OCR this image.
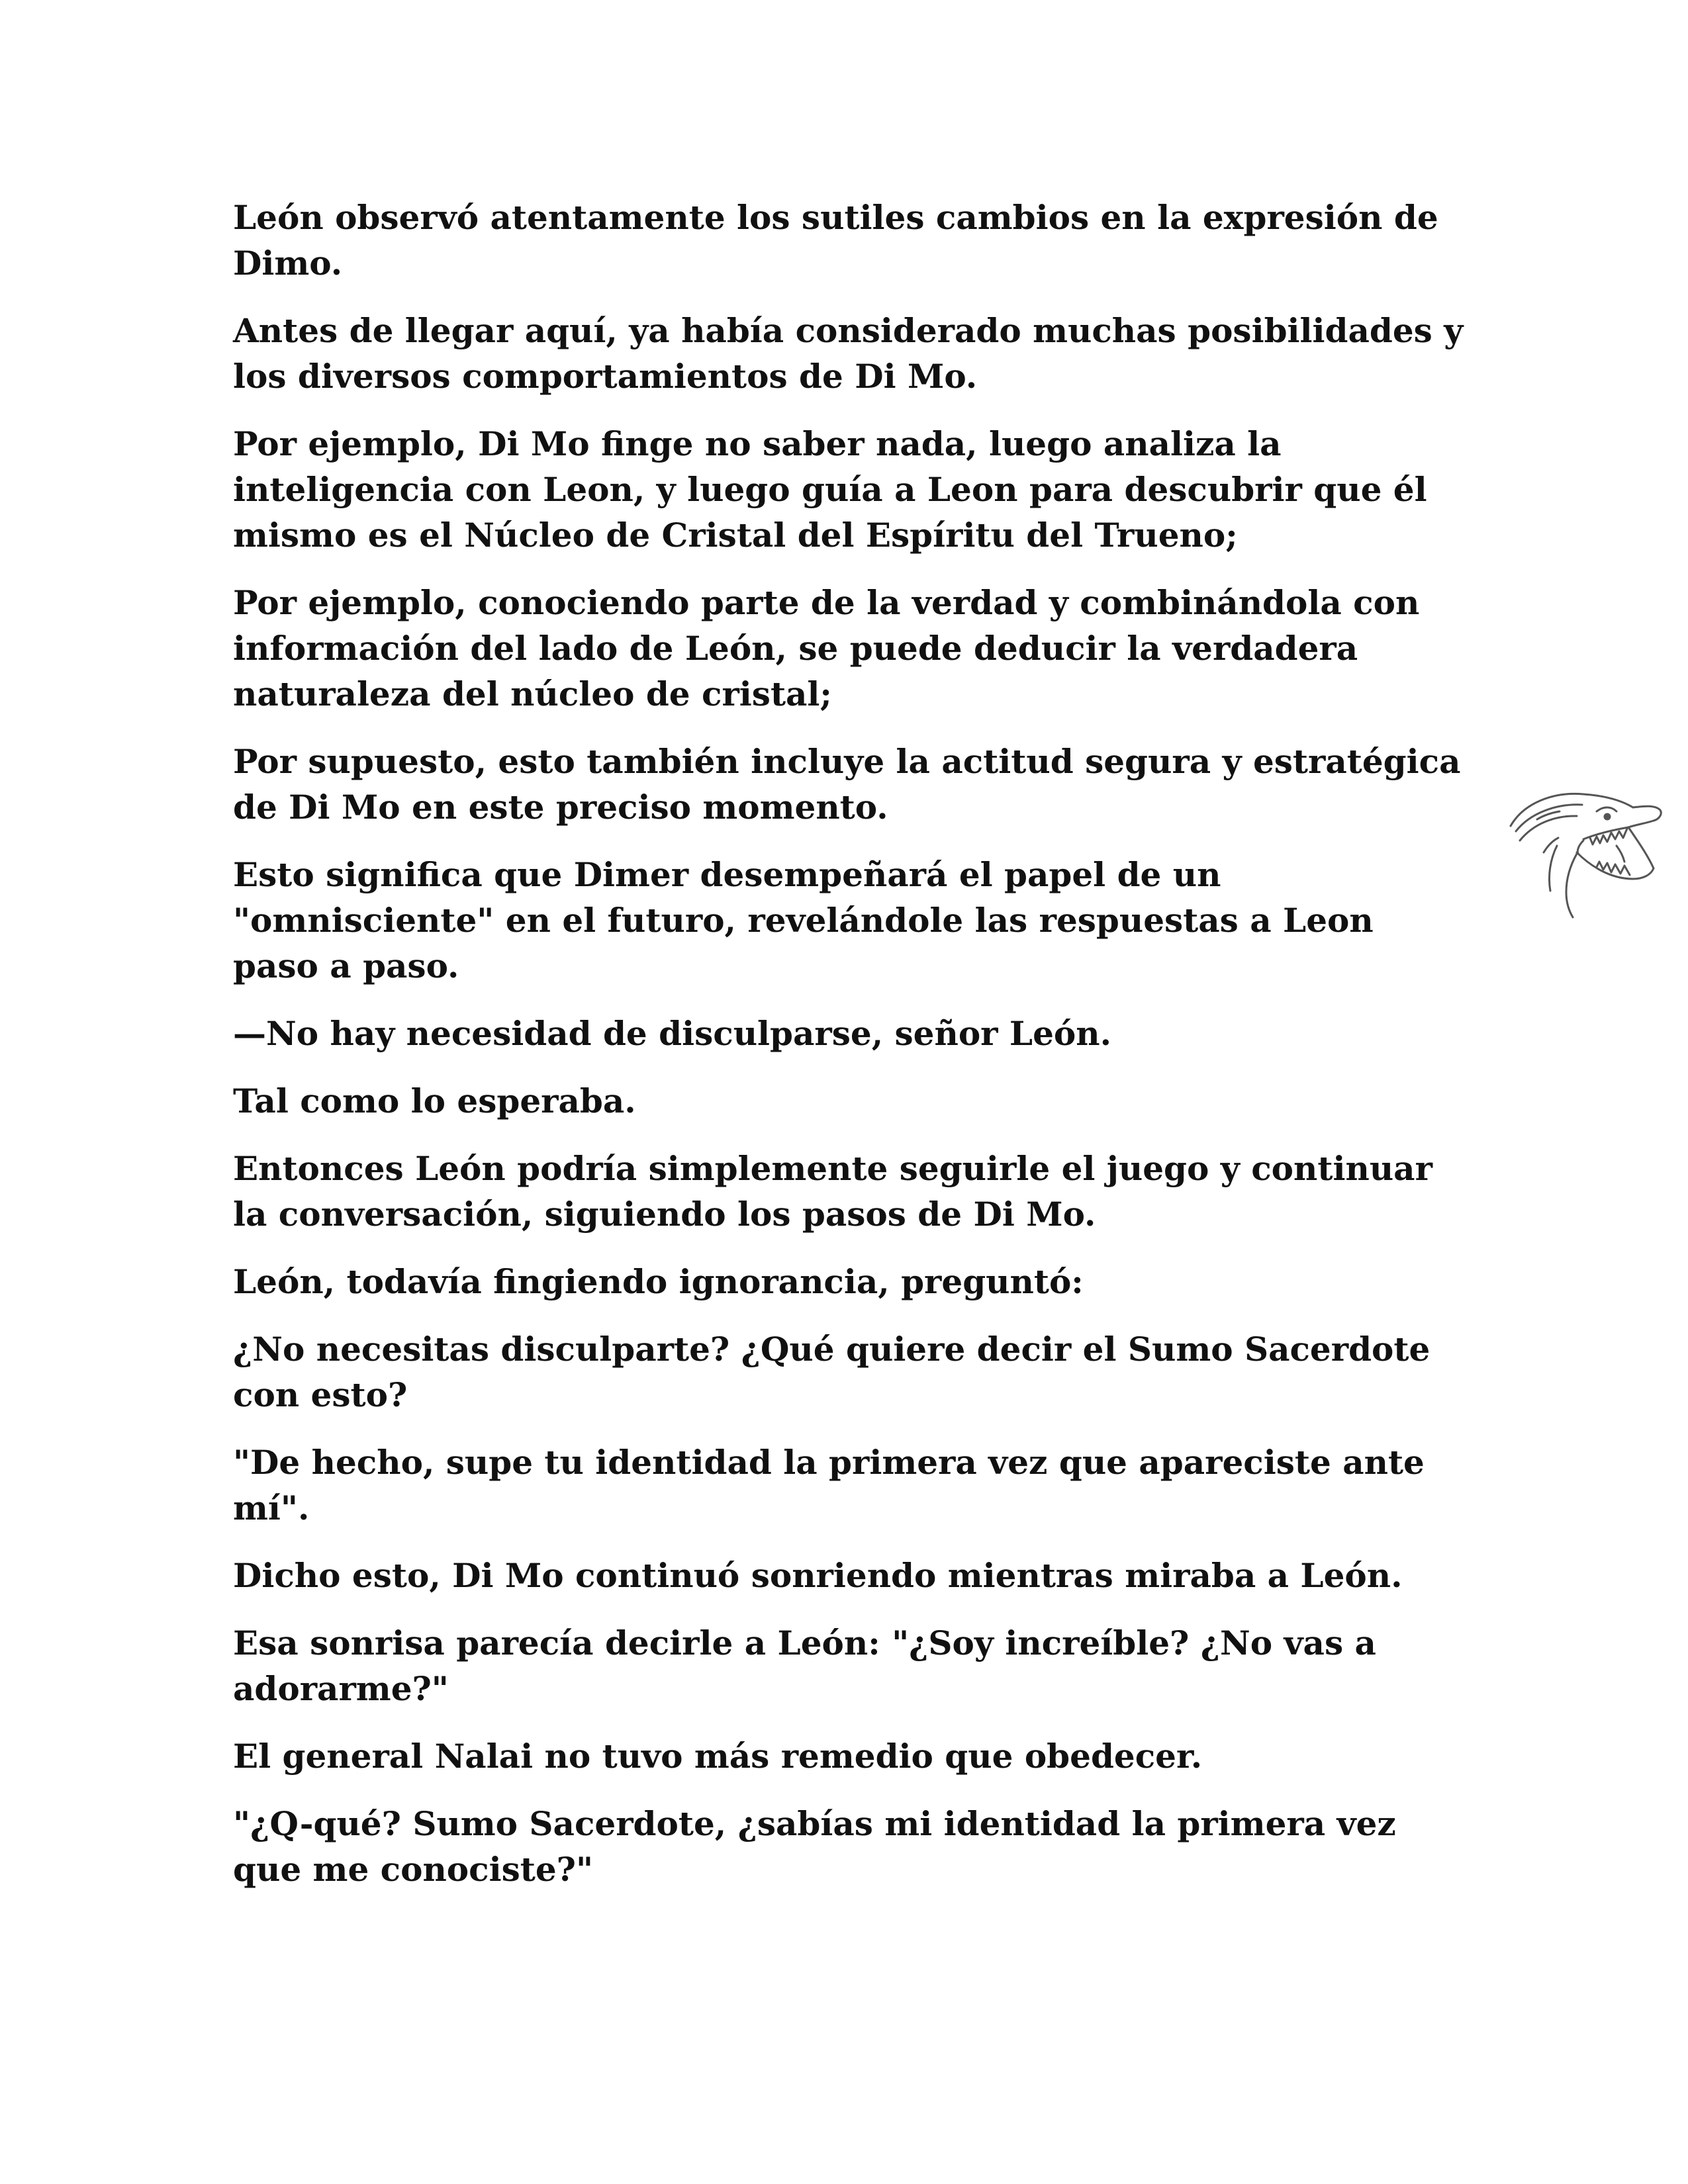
León observó atentamente los sutiles cambios en la expresión de Dimo.

Antes de llegar aquí, ya había considerado muchas posibilidades y los diversos comportamientos de Di Mo.

Por ejemplo, Di Mo finge no saber nada, luego analiza la inteligencia con Leon, y luego guía a Leon para descubrir que él mismo es el Núcleo de Cristal del Espíritu del Trueno;

Por ejemplo, conociendo parte de la verdad y combinándola con información del lado de León, se puede deducir la verdadera naturaleza del núcleo de cristal;

Por supuesto, esto también incluye la actitud segura y estratégica de Di Mo en este preciso momento.

Esto significa que Dimer desempeñará el papel de un "omnisciente" en el futuro, revelándole las respuestas a Leon paso a paso.

—No hay necesidad de disculparse, señor León.

Tal como lo esperaba.

Entonces León podría simplemente seguirle el juego y continuar la conversación, siguiendo los pasos de Di Mo.

León, todavía fingiendo ignorancia, preguntó:

¿No necesitas disculparte? ¿Qué quiere decir el Sumo Sacerdote con esto?

"De hecho, supe tu identidad la primera vez que apareciste ante mí".

Dicho esto, Di Mo continuó sonriendo mientras miraba a León.

Esa sonrisa parecía decirle a León: "¿Soy increíble? ¿No vas a adorarme?"

El general Nalai no tuvo más remedio que obedecer.

"¿Q-qué? Sumo Sacerdote, ¿sabías mi identidad la primera vez que me conociste?"
